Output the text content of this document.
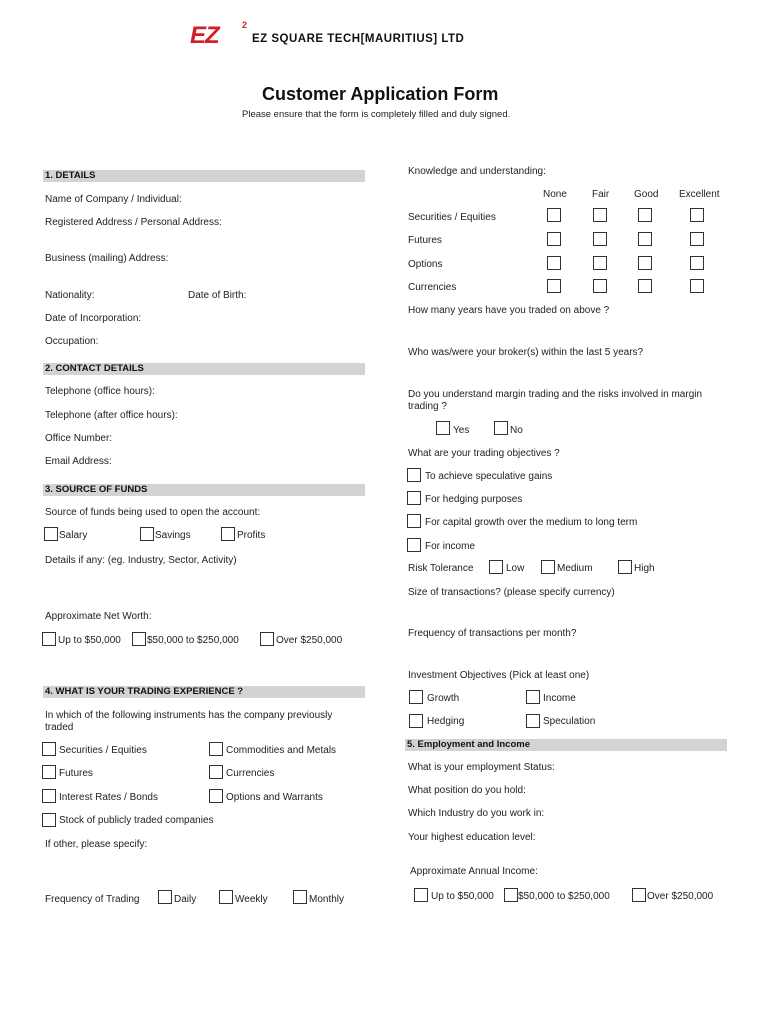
EZ	2
EZ SQUARE TECH[MAURITIUS] LTD
Customer Application Form
Please ensure that the form is completely filled and duly signed.
1. DETAILS
Name of Company / Individual:
Registered Address / Personal Address:
Business (mailing) Address:
Nationality:	Date of Birth:
Date of Incorporation:
Occupation:
2. CONTACT DETAILS
Telephone (office hours):
Telephone (after office hours):
Office Number:
Email Address:
3. SOURCE OF FUNDS
Source of funds being used to open the account:
Salary	Savings	Profits
Details if any: (eg. Industry, Sector, Activity)
Approximate Net Worth:
Up to $50,000	$50,000 to $250,000	Over $250,000
4. WHAT IS YOUR TRADING EXPERIENCE ?
In which of the following instruments has the company previously
traded
Securities / Equities	Commodities and Metals
Futures	Currencies
Interest Rates / Bonds	Options and Warrants
Stock of publicly traded companies
If other, please specify:
Frequency of Trading	Daily	Weekly	Monthly
Knowledge and understanding:
None	Fair Good Excellent
Securities / Equities
Futures
Options
Currencies
How many years have you traded on above ?
Who was/were your broker(s) within the last 5 years?
Do you understand margin trading and the risks involved in margin
trading ?
Yes	No
What are your trading objectives ?
To achieve speculative gains
For hedging purposes
For capital growth over the medium to long term
For income
Risk Tolerance	Low	Medium	High
Size of transactions? (please specify currency)
Frequency of transactions per month?
Investment Objectives (Pick at least one)
Growth	Income
Hedging	Speculation
5. Employment and Income
What is your employment Status:
What position do you hold:
Which Industry do you work in:
Your highest education level:
Approximate Annual Income:
Up to $50,000 $50,000 to $250,000	Over $250,000
